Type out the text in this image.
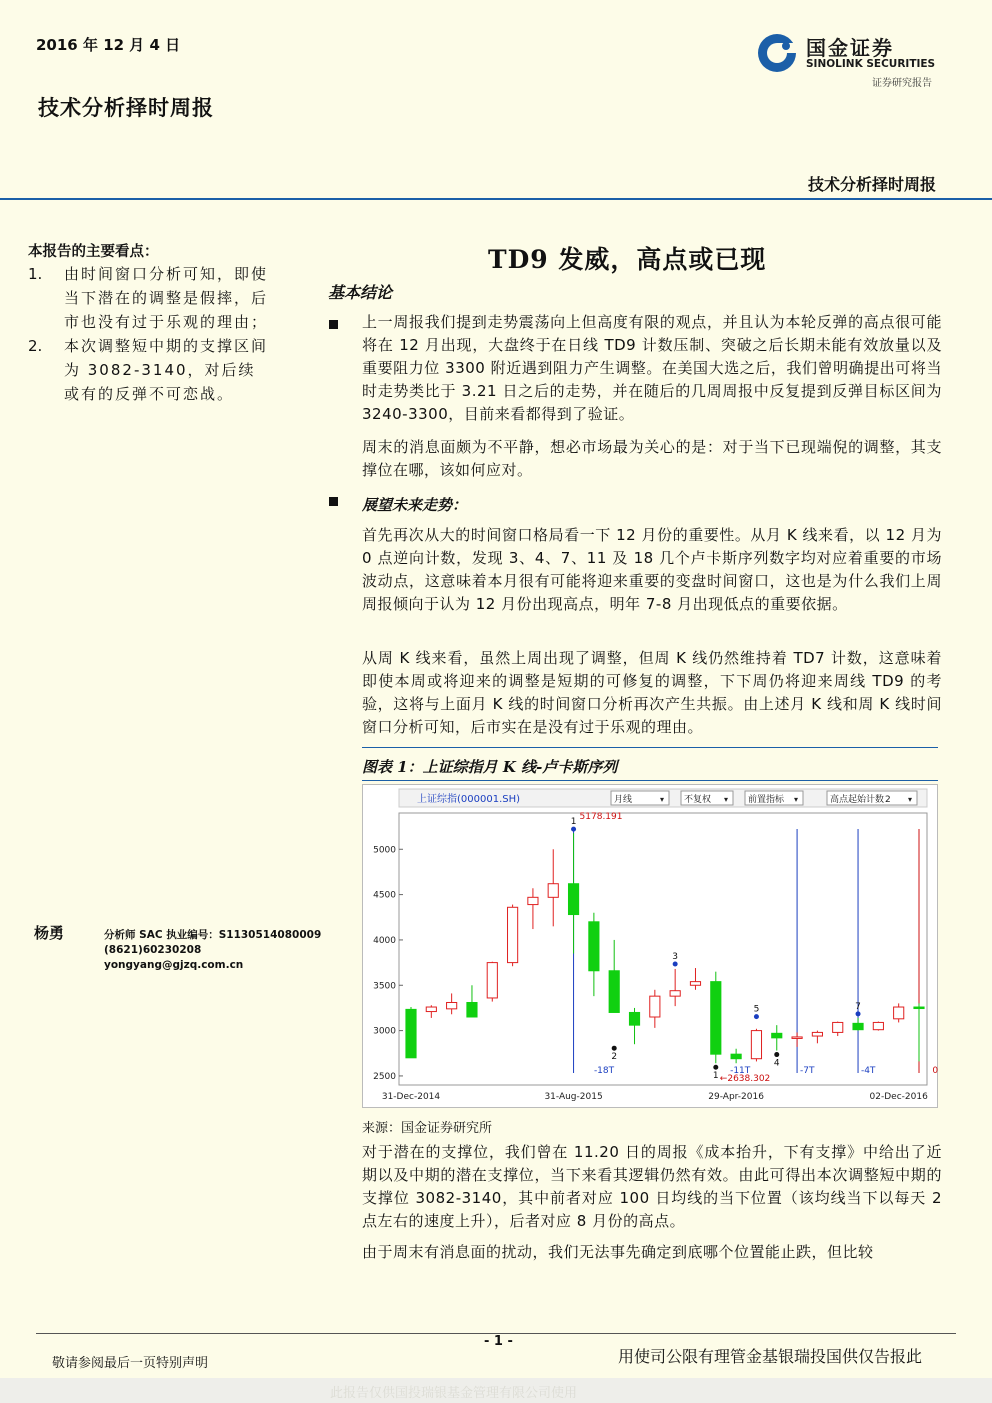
2016 年 12 月 4 日
技术分析择时周报
国金证券
SINOLINK SECURITIES
证券研究报告
技术分析择时周报
本报告的主要看点：
1. 由时间窗口分析可知，即使当下潜在的调整是假摔，后市也没有过于乐观的理由；
2. 本次调整短中期的支撑区间为 3082-3140，对后续或有的反弹不可恋战。
杨勇	分析师 SAC 执业编号：S1130514080009
(8621)60230208
yongyang@gjzq.com.cn
TD9 发威，高点或已现
基本结论
上一周报我们提到走势震荡向上但高度有限的观点，并且认为本轮反弹的高点很可能将在 12 月出现，大盘终于在日线 TD9 计数压制、突破之后长期未能有效放量以及重要阻力位 3300 附近遇到阻力产生调整。在美国大选之后，我们曾明确提出可将当时走势类比于 3.21 日之后的走势，并在随后的几周周报中反复提到反弹目标区间为 3240-3300，目前来看都得到了验证。
周末的消息面颇为不平静，想必市场最为关心的是：对于当下已现端倪的调整，其支撑位在哪，该如何应对。
展望未来走势：
首先再次从大的时间窗口格局看一下 12 月份的重要性。从月 K 线来看，以 12 月为 0 点逆向计数，发现 3、4、7、11 及 18 几个卢卡斯序列数字均对应着重要的市场波动点，这意味着本月很有可能将迎来重要的变盘时间窗口，这也是为什么我们上周周报倾向于认为 12 月份出现高点，明年 7-8 月出现低点的重要依据。
从周 K 线来看，虽然上周出现了调整，但周 K 线仍然维持着 TD7 计数，这意味着即使本周或将迎来的调整是短期的可修复的调整，下下周仍将迎来周线 TD9 的考验，这将与上面月 K 线的时间窗口分析再次产生共振。由上述月 K 线和周 K 线时间窗口分析可知，后市实在是没有过于乐观的理由。
图表 1：上证综指月 K 线-卢卡斯序列
上证综指(000001.SH)	月线	▾ 不复权 ▾ 前置指标 ▾	高点起始计数	▾
2
2500
3000
3500
4000
4500
5000
1 5178.191
2
3
1 ←2638.302
5
4
7
-18T	-11T	-7T	-4T	0
31-Dec-2014	31-Aug-2015	29-Apr-2016	02-Dec-2016
来源：国金证券研究所
对于潜在的支撑位，我们曾在 11.20 日的周报《成本抬升，下有支撑》中给出了近期以及中期的潜在支撑位，当下来看其逻辑仍然有效。由此可得出本次调整短中期的支撑位 3082-3140，其中前者对应 100 日均线的当下位置（该均线当下以每天 2 点左右的速度上升），后者对应 8 月份的高点。
由于周末有消息面的扰动，我们无法事先确定到底哪个位置能止跌，但比较
- 1 -
敬请参阅最后一页特别声明	用使司公限有理管金基银瑞投国供仅告报此
此报告仅供国投瑞银基金管理有限公司使用
